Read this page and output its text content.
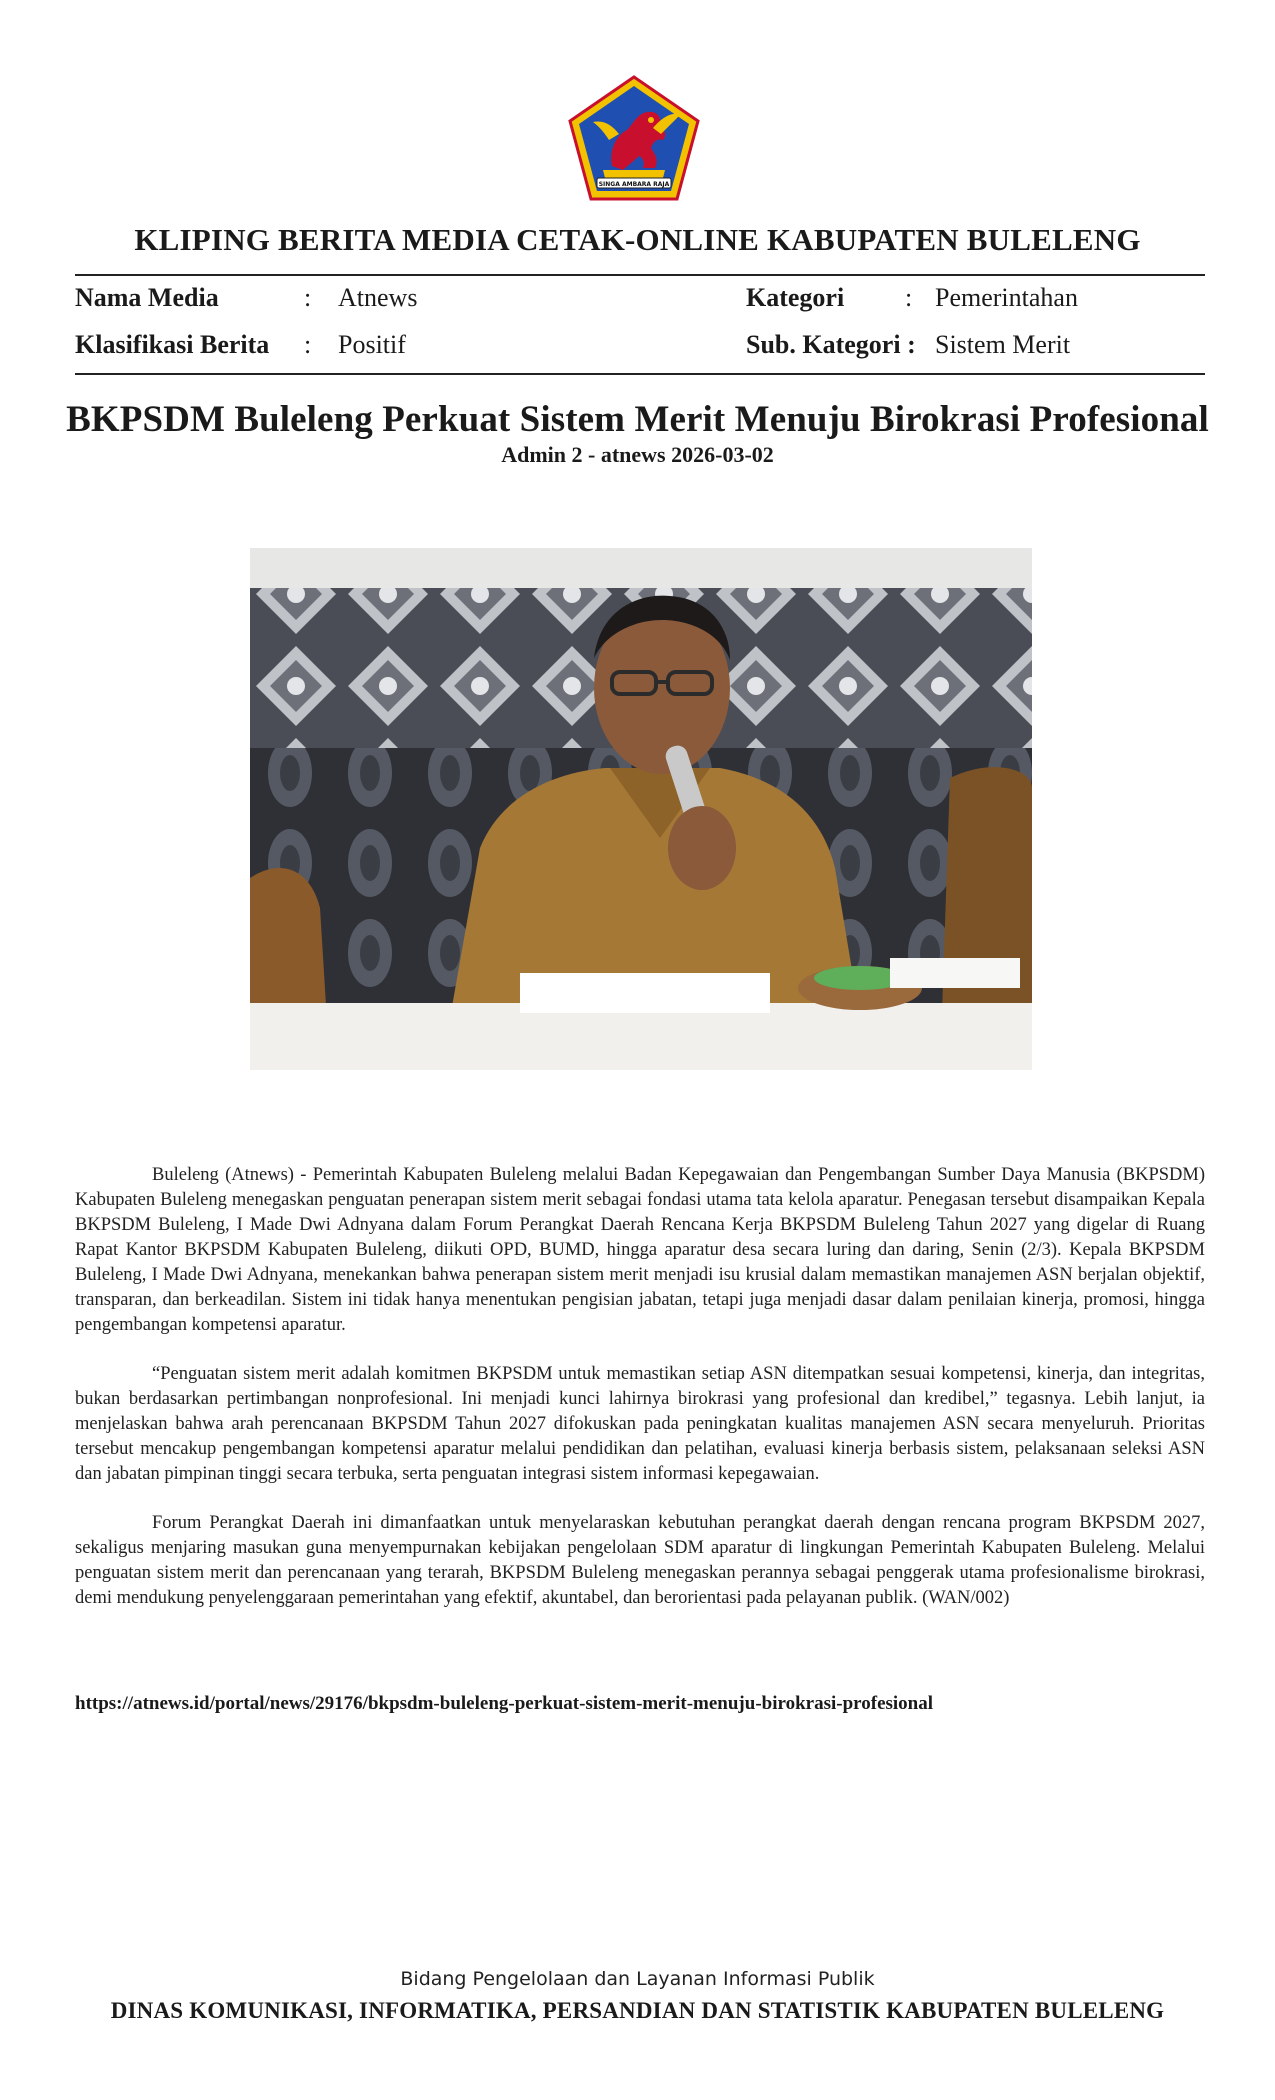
SINGA AMBARA RAJA
KLIPING BERITA MEDIA CETAK-ONLINE KABUPATEN BULELENG
Nama Media	: Atnews	Kategori : Pemerintahan
Klasifikasi Berita : Positif	Sub. Kategori : Sistem Merit
BKPSDM Buleleng Perkuat Sistem Merit Menuju Birokrasi Profesional
Admin 2 - atnews 2026-03-02

Buleleng (Atnews) - Pemerintah Kabupaten Buleleng melalui Badan Kepegawaian dan Pengembangan Sumber Daya Manusia (BKPSDM) Kabupaten Buleleng menegaskan penguatan penerapan sistem merit sebagai fondasi utama tata kelola aparatur. Penegasan tersebut disampaikan Kepala BKPSDM Buleleng, I Made Dwi Adnyana dalam Forum Perangkat Daerah Rencana Kerja BKPSDM Buleleng Tahun 2027 yang digelar di Ruang Rapat Kantor BKPSDM Kabupaten Buleleng, diikuti OPD, BUMD, hingga aparatur desa secara luring dan daring, Senin (2/3). Kepala BKPSDM Buleleng, I Made Dwi Adnyana, menekankan bahwa penerapan sistem merit menjadi isu krusial dalam memastikan manajemen ASN berjalan objektif, transparan, dan berkeadilan. Sistem ini tidak hanya menentukan pengisian jabatan, tetapi juga menjadi dasar dalam penilaian kinerja, promosi, hingga pengembangan kompetensi aparatur.

“Penguatan sistem merit adalah komitmen BKPSDM untuk memastikan setiap ASN ditempatkan sesuai kompetensi, kinerja, dan integritas, bukan berdasarkan pertimbangan nonprofesional. Ini menjadi kunci lahirnya birokrasi yang profesional dan kredibel,” tegasnya. Lebih lanjut, ia menjelaskan bahwa arah perencanaan BKPSDM Tahun 2027 difokuskan pada peningkatan kualitas manajemen ASN secara menyeluruh. Prioritas tersebut mencakup pengembangan kompetensi aparatur melalui pendidikan dan pelatihan, evaluasi kinerja berbasis sistem, pelaksanaan seleksi ASN dan jabatan pimpinan tinggi secara terbuka, serta penguatan integrasi sistem informasi kepegawaian.

Forum Perangkat Daerah ini dimanfaatkan untuk menyelaraskan kebutuhan perangkat daerah dengan rencana program BKPSDM 2027, sekaligus menjaring masukan guna menyempurnakan kebijakan pengelolaan SDM aparatur di lingkungan Pemerintah Kabupaten Buleleng. Melalui penguatan sistem merit dan perencanaan yang terarah, BKPSDM Buleleng menegaskan perannya sebagai penggerak utama profesionalisme birokrasi, demi mendukung penyelenggaraan pemerintahan yang efektif, akuntabel, dan berorientasi pada pelayanan publik. (WAN/002)

https://atnews.id/portal/news/29176/bkpsdm-buleleng-perkuat-sistem-merit-menuju-birokrasi-profesional
Bidang Pengelolaan dan Layanan Informasi Publik
DINAS KOMUNIKASI, INFORMATIKA, PERSANDIAN DAN STATISTIK KABUPATEN BULELENG
